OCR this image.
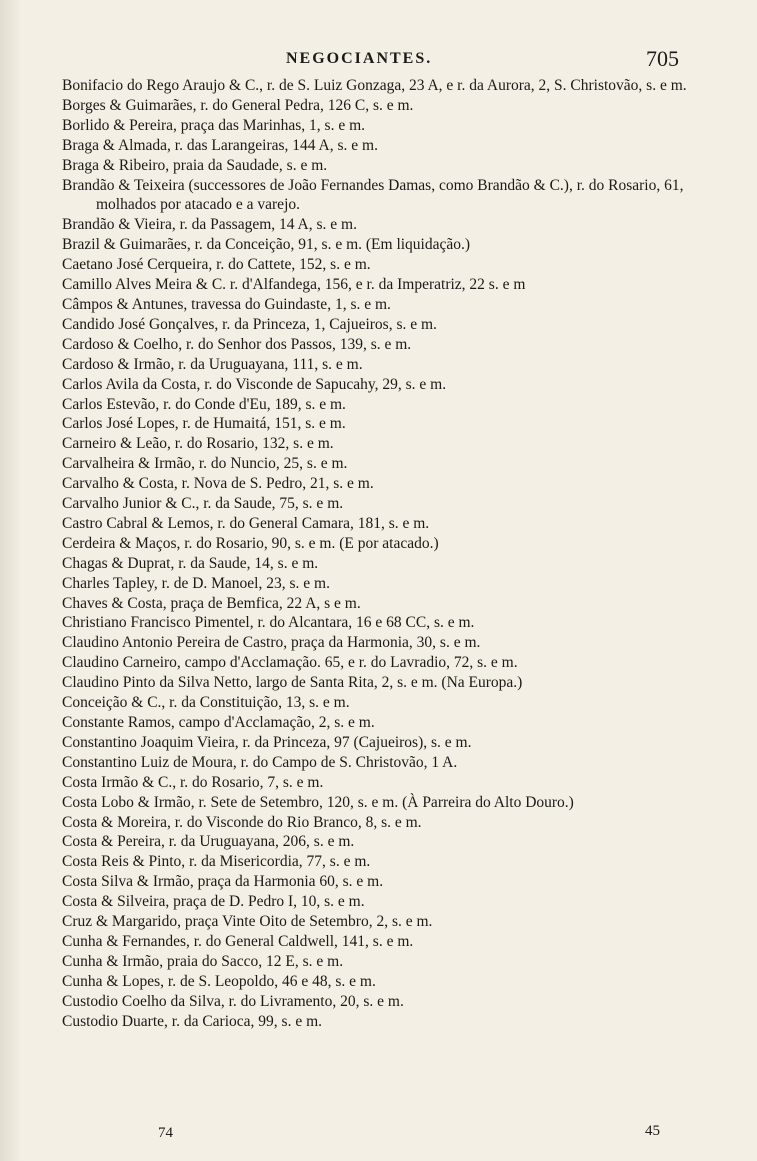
NEGOCIANTES.	705

Bonifacio do Rego Araujo & C., r. de S. Luiz Gonzaga, 23 A, e r. da Aurora, 2, S. Christovão, s. e m.

Borges & Guimarães, r. do General Pedra, 126 C, s. e m.

Borlido & Pereira, praça das Marinhas, 1, s. e m.

Braga & Almada, r. das Larangeiras, 144 A, s. e m.

Braga & Ribeiro, praia da Saudade, s. e m.

Brandão & Teixeira (successores de João Fernandes Damas, como Brandão & C.), r. do Rosario, 61, molhados por atacado e a varejo.

Brandão & Vieira, r. da Passagem, 14 A, s. e m.

Brazil & Guimarães, r. da Conceição, 91, s. e m. (Em liquidação.)

Caetano José Cerqueira, r. do Cattete, 152, s. e m.

Camillo Alves Meira & C. r. d'Alfandega, 156, e r. da Imperatriz, 22 s. e m

Câmpos & Antunes, travessa do Guindaste, 1, s. e m.

Candido José Gonçalves, r. da Princeza, 1, Cajueiros, s. e m.

Cardoso & Coelho, r. do Senhor dos Passos, 139, s. e m.

Cardoso & Irmão, r. da Uruguayana, 111, s. e m.

Carlos Avila da Costa, r. do Visconde de Sapucahy, 29, s. e m.

Carlos Estevão, r. do Conde d'Eu, 189, s. e m.

Carlos José Lopes, r. de Humaitá, 151, s. e m.

Carneiro & Leão, r. do Rosario, 132, s. e m.

Carvalheira & Irmão, r. do Nuncio, 25, s. e m.

Carvalho & Costa, r. Nova de S. Pedro, 21, s. e m.

Carvalho Junior & C., r. da Saude, 75, s. e m.

Castro Cabral & Lemos, r. do General Camara, 181, s. e m.

Cerdeira & Maços, r. do Rosario, 90, s. e m. (E por atacado.)

Chagas & Duprat, r. da Saude, 14, s. e m.

Charles Tapley, r. de D. Manoel, 23, s. e m.

Chaves & Costa, praça de Bemfica, 22 A, s e m.

Christiano Francisco Pimentel, r. do Alcantara, 16 e 68 CC, s. e m.

Claudino Antonio Pereira de Castro, praça da Harmonia, 30, s. e m.

Claudino Carneiro, campo d'Acclamação. 65, e r. do Lavradio, 72, s. e m.

Claudino Pinto da Silva Netto, largo de Santa Rita, 2, s. e m. (Na Europa.)

Conceição & C., r. da Constituição, 13, s. e m.

Constante Ramos, campo d'Acclamação, 2, s. e m.

Constantino Joaquim Vieira, r. da Princeza, 97 (Cajueiros), s. e m.

Constantino Luiz de Moura, r. do Campo de S. Christovão, 1 A.

Costa Irmão & C., r. do Rosario, 7, s. e m.

Costa Lobo & Irmão, r. Sete de Setembro, 120, s. e m. (À Parreira do Alto Douro.)

Costa & Moreira, r. do Visconde do Rio Branco, 8, s. e m.

Costa & Pereira, r. da Uruguayana, 206, s. e m.

Costa Reis & Pinto, r. da Misericordia, 77, s. e m.

Costa Silva & Irmão, praça da Harmonia 60, s. e m.

Costa & Silveira, praça de D. Pedro I, 10, s. e m.

Cruz & Margarido, praça Vinte Oito de Setembro, 2, s. e m.

Cunha & Fernandes, r. do General Caldwell, 141, s. e m.

Cunha & Irmão, praia do Sacco, 12 E, s. e m.

Cunha & Lopes, r. de S. Leopoldo, 46 e 48, s. e m.

Custodio Coelho da Silva, r. do Livramento, 20, s. e m.

Custodio Duarte, r. da Carioca, 99, s. e m.

74	45
